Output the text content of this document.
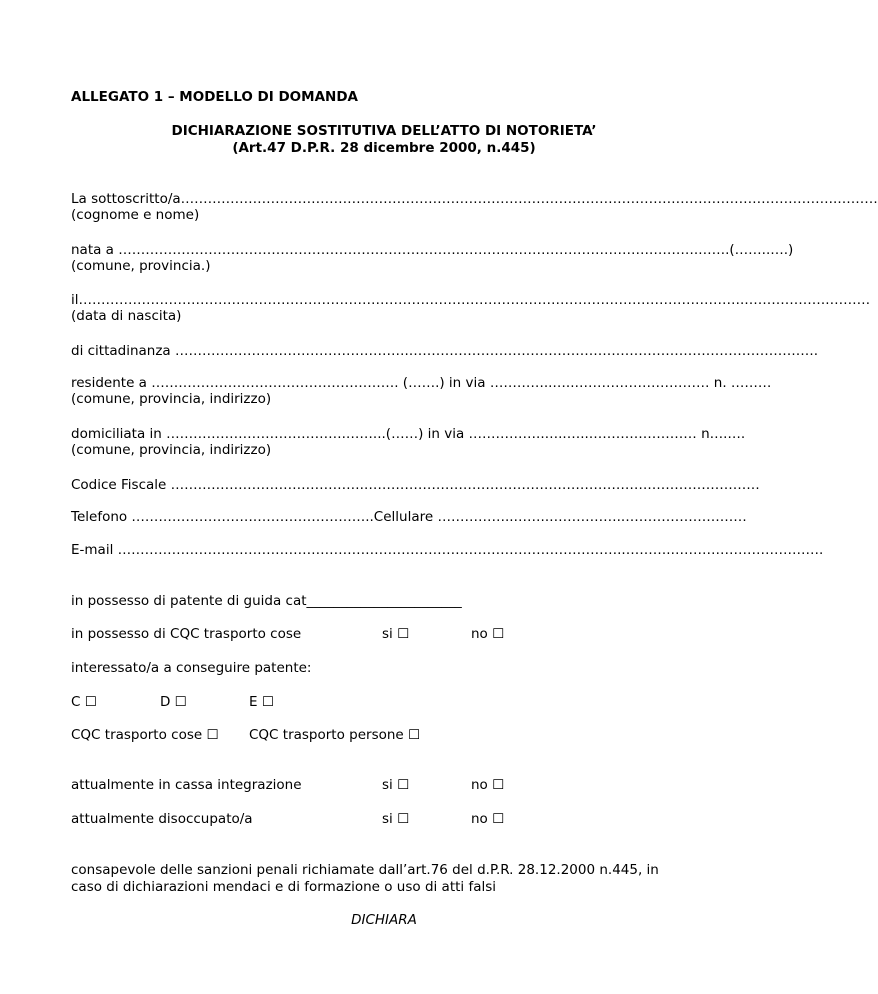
ALLEGATO 1 – MODELLO DI DOMANDA
DICHIARAZIONE SOSTITUTIVA DELL’ATTO DI NOTORIETA’
(Art.47 D.P.R. 28 dicembre 2000, n.445)
La sottoscritto/a………………………………………………………………………………………………………………………………..………
(cognome e nome)
nata a ………………………………………………………………….…………………………………….……….…….(……..….)
(comune, provincia.)
il………………………………………………………………………………………………………………………………….……………….………
(data di nascita)
di cittadinanza …………………………………………….……………………………………………………………………………….
residente a ………………………………………………. (…….) in via …………..…..………………………… n. ………
(comune, provincia, indirizzo)
domiciliata in ………………………………….……...(……) in via ……………..…..…..…………………… n….….
(comune, provincia, indirizzo)
Codice Fiscale …………………………………….……………………………………………………….……………………
Telefono ……………………….……………………..Cellulare ……………..……..……………..………………………
E-mail …………………………………………………………………………………………………..……….…………………………….
in possesso di patente di guida cat_______________________
in possesso di CQC trasporto cose	si ☐	no ☐
interessato/a a conseguire patente:
C ☐	D ☐	E ☐
CQC trasporto cose ☐ CQC trasporto persone ☐
attualmente in cassa integrazione	si ☐	no ☐
attualmente disoccupato/a	si ☐	no ☐
consapevole delle sanzioni penali richiamate dall’art.76 del d.P.R. 28.12.2000 n.445, in
caso di dichiarazioni mendaci e di formazione o uso di atti falsi
DICHIARA
